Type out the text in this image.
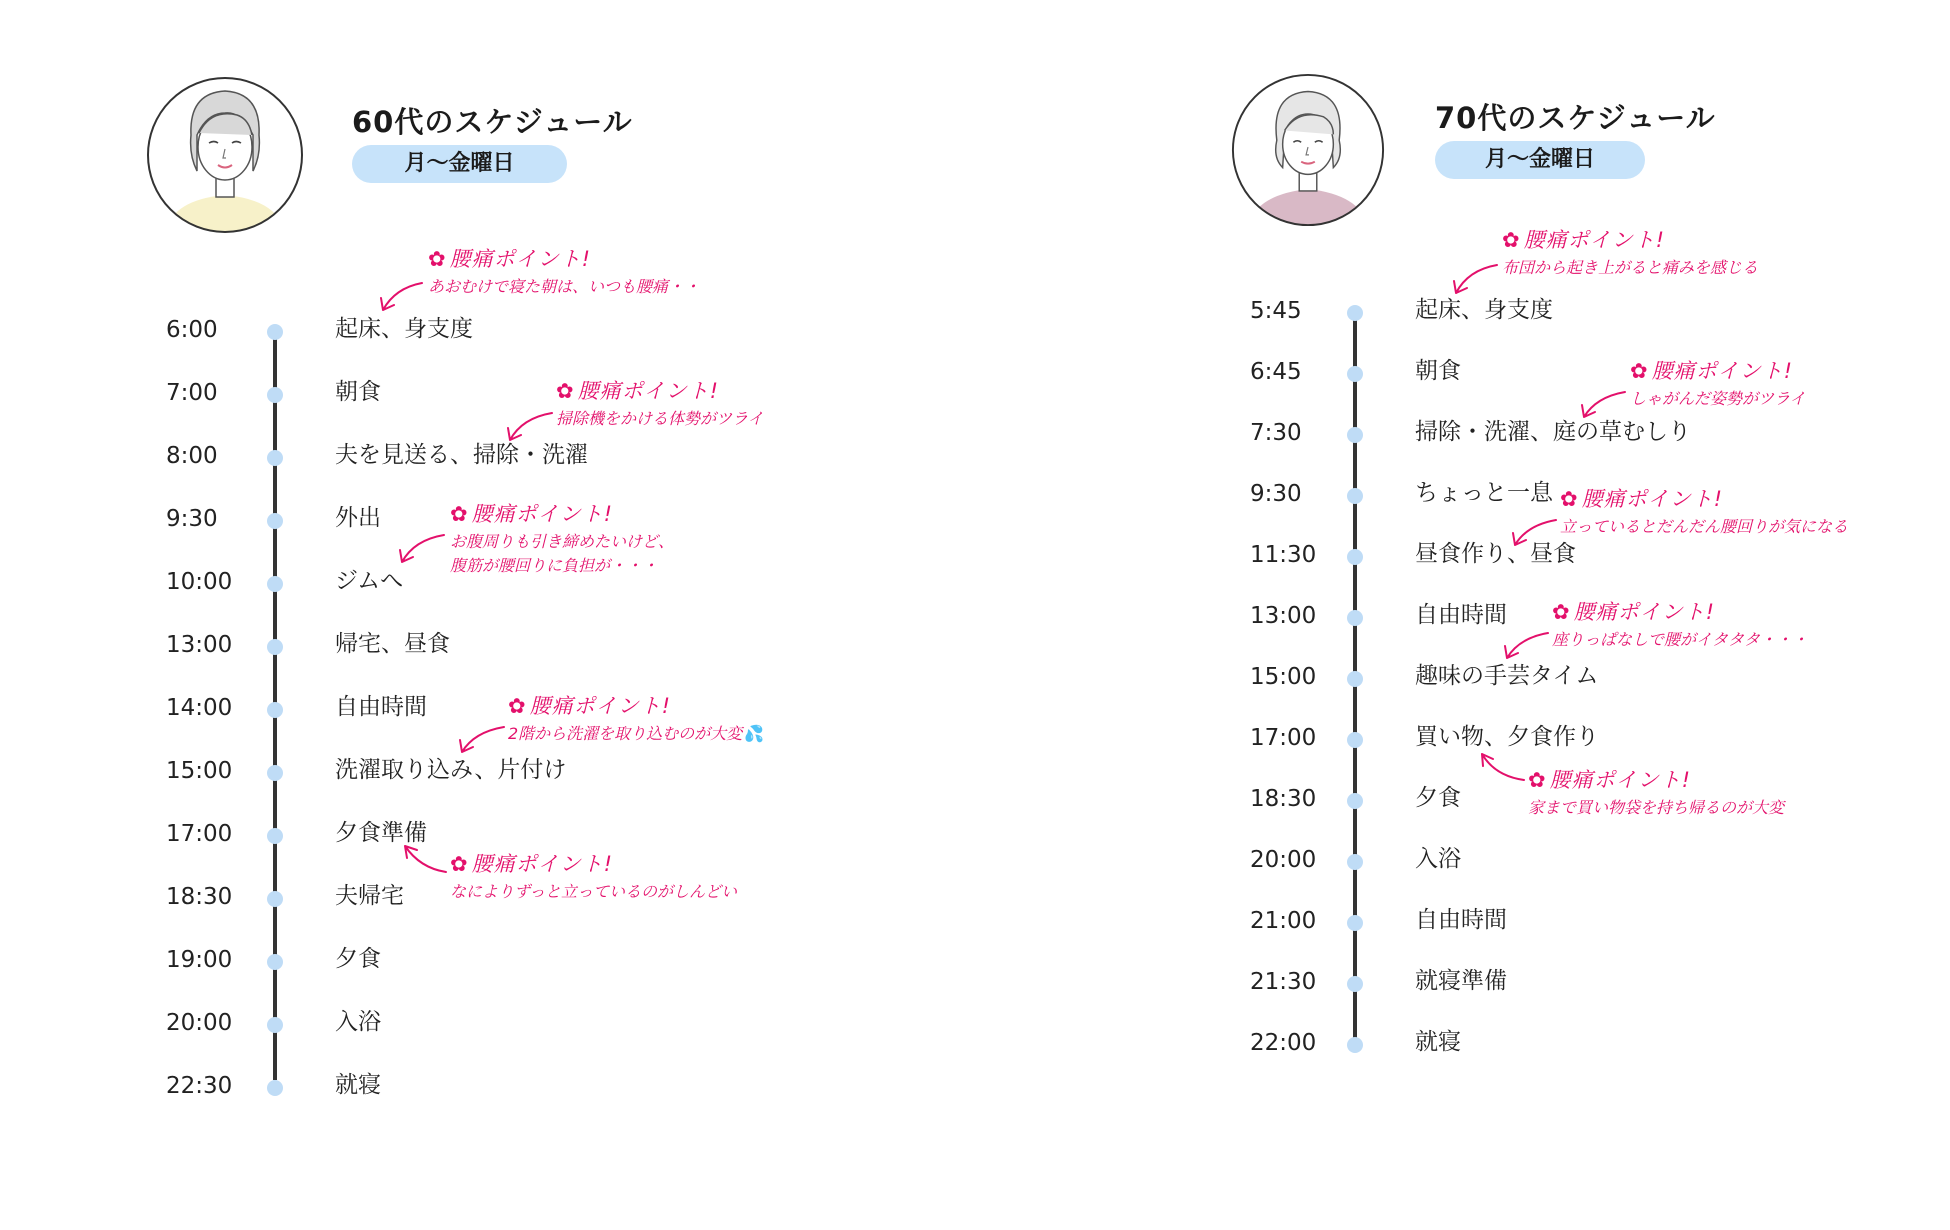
60代のスケジュール
月〜金曜日
6:00	起床、身支度
7:00	朝食
8:00	夫を見送る、掃除・洗濯
9:30	外出
10:00	ジムへ
13:00	帰宅、昼食
14:00	自由時間
15:00	洗濯取り込み、片付け
17:00	夕食準備
18:30	夫帰宅
19:00	夕食
20:00	入浴
22:30	就寝
✿ 腰痛ポイント!
あおむけで寝た朝は、いつも腰痛・・
✿ 腰痛ポイント!
掃除機をかける体勢がツライ
✿ 腰痛ポイント!
お腹周りも引き締めたいけど、
腹筋が腰回りに負担が・・・
✿ 腰痛ポイント!
2階から洗濯を取り込むのが大変 💦
✿ 腰痛ポイント!
なによりずっと立っているのがしんどい
70代のスケジュール
月〜金曜日
5:45	起床、身支度
6:45	朝食
7:30	掃除・洗濯、庭の草むしり
9:30	ちょっと一息
11:30	昼食作り、昼食
13:00	自由時間
15:00	趣味の手芸タイム
17:00	買い物、夕食作り
18:30	夕食
20:00	入浴
21:00	自由時間
21:30	就寝準備
22:00	就寝
✿ 腰痛ポイント!
布団から起き上がると痛みを感じる
✿ 腰痛ポイント!
しゃがんだ姿勢がツライ
✿ 腰痛ポイント!
立っているとだんだん腰回りが気になる
✿ 腰痛ポイント!
座りっぱなしで腰がイタタタ・・・
✿ 腰痛ポイント!
家まで買い物袋を持ち帰るのが大変
